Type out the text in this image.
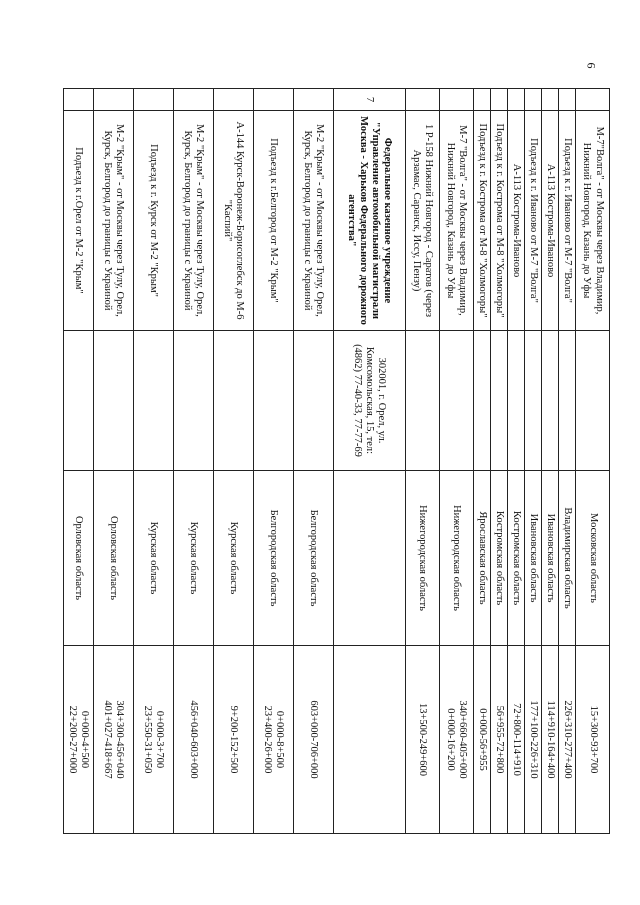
6
	М-7"Волга" - от Москвы через Владимир, Нижний Новгород, Казань до Уфы		Московская область	15+300-93+700
	Подъезд к г. Иваново от М-7 "Волга"		Владимирская область	226+310-277+400
	А-113 Кострома-Иваново		Ивановская область	114+910-164+400
	Подъезд к г. Иваново от М-7 "Волга"		Ивановская область	177+100-226+310
	А-113 Кострома-Иваново		Костромская область	72+800-114+910
	Подъезд к г. Кострома от М-8 "Холмогоры"		Костромская область	56+955-72+800
	Подъезд к г. Кострома от М-8 "Холмогоры"		Ярославская область	0+000-56+955
	М-7 "Волга" - от Москвы через Владимир, Нижний Новгород, Казань до Уфы		Нижегородская область	340+660-405+000
0+000-16+200
	1 Р-158 Нижний Новгород - Саратов (через Арзамас, Саранск, Иссу, Пензу)		Нижегородская область	13+500-249+600
7	Федеральное казенное учреждение "Управление автомобильной магистрали Москва - Харьков Федерального дорожного агентства"	302001, г. Орел, ул. Комсомольская, 15, тел: (4862) 77-40-33, 77-77-69		
	М-2 "Крым" - от Москвы через Тулу, Орел, Курск, Белгород до границы с Украиной		Белгородская область	603+000-706+000
	Подъезд к г.Белгород от М-2 "Крым"		Белгородская область	0+000-8+500
23+400-26+000
	А-144 Курск-Воронеж-Борисоглебск до М-6 "Каспий"		Курская область	9+200-152+500
	М-2 "Крым" - от Москвы через Тулу, Орел, Курск, Белгород до границы с Украиной		Курская область	456+040-603+000
	Подъезд к г. Курск от М-2 "Крым"		Курская область	0+000-3+700
23+550-31+050
	М-2 "Крым" - от Москвы через Тулу, Орел, Курск, Белгород до границы с Украиной		Орловская область	304+300-456+040
401+027-418+667
	Подъезд к г.Орел от М-2 "Крым"		Орловская область	0+000-4+500
22+200-27+000
